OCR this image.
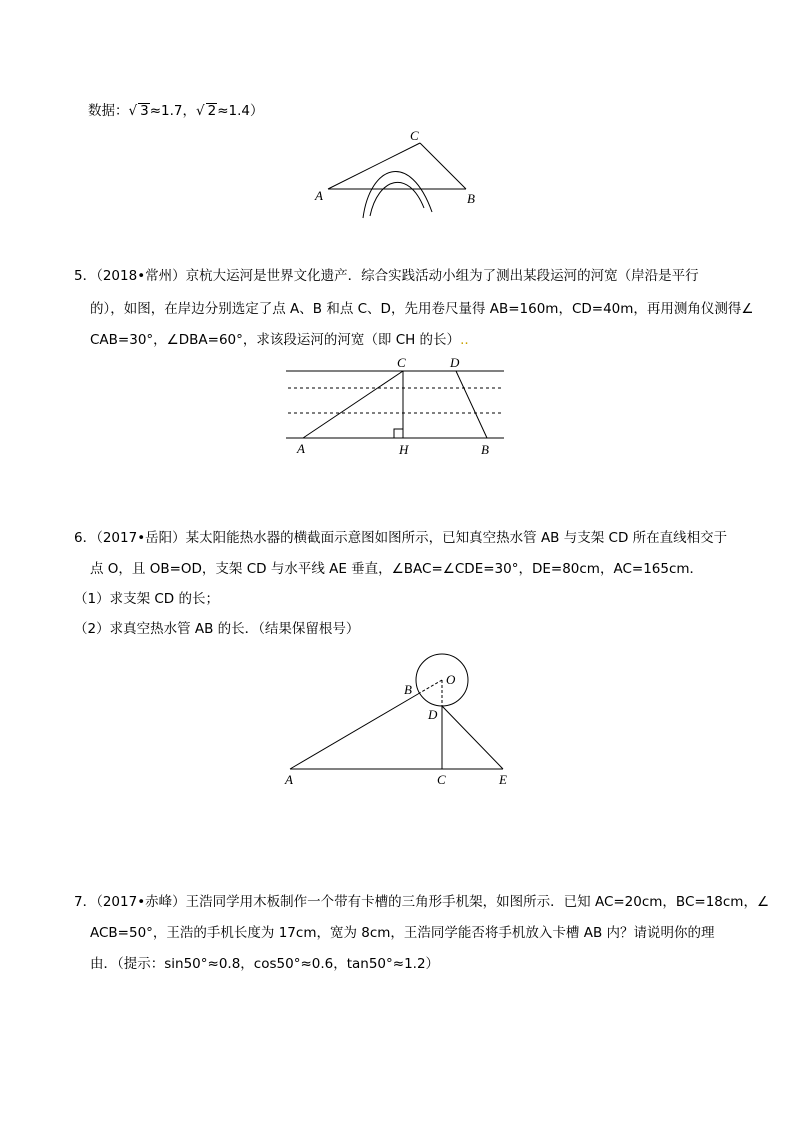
数据：√ 3≈1.7，√ 2≈1.4）
C
A	B
5．（2018•常州）京杭大运河是世界文化遗产．综合实践活动小组为了测出某段运河的河宽（岸沿是平行
的），如图，在岸边分别选定了点 A、B 和点 C、D，先用卷尺量得 AB=160m，CD=40m，再用测角仪测得∠
CAB=30°，∠DBA=60°，求该段运河的河宽（即 CH 的长）..
C	D
A	H	B
6．（2017•岳阳）某太阳能热水器的横截面示意图如图所示，已知真空热水管 AB 与支架 CD 所在直线相交于
点 O，且 OB=OD，支架 CD 与水平线 AE 垂直，∠BAC=∠CDE=30°，DE=80cm，AC=165cm．
（1）求支架 CD 的长；
（2）求真空热水管 AB 的长．（结果保留根号）
O
B
D
A	C	E
7．（2017•赤峰）王浩同学用木板制作一个带有卡槽的三角形手机架，如图所示．已知 AC=20cm，BC=18cm，∠
ACB=50°，王浩的手机长度为 17cm，宽为 8cm，王浩同学能否将手机放入卡槽 AB 内？请说明你的理
由．（提示：sin50°≈0.8，cos50°≈0.6，tan50°≈1.2）
